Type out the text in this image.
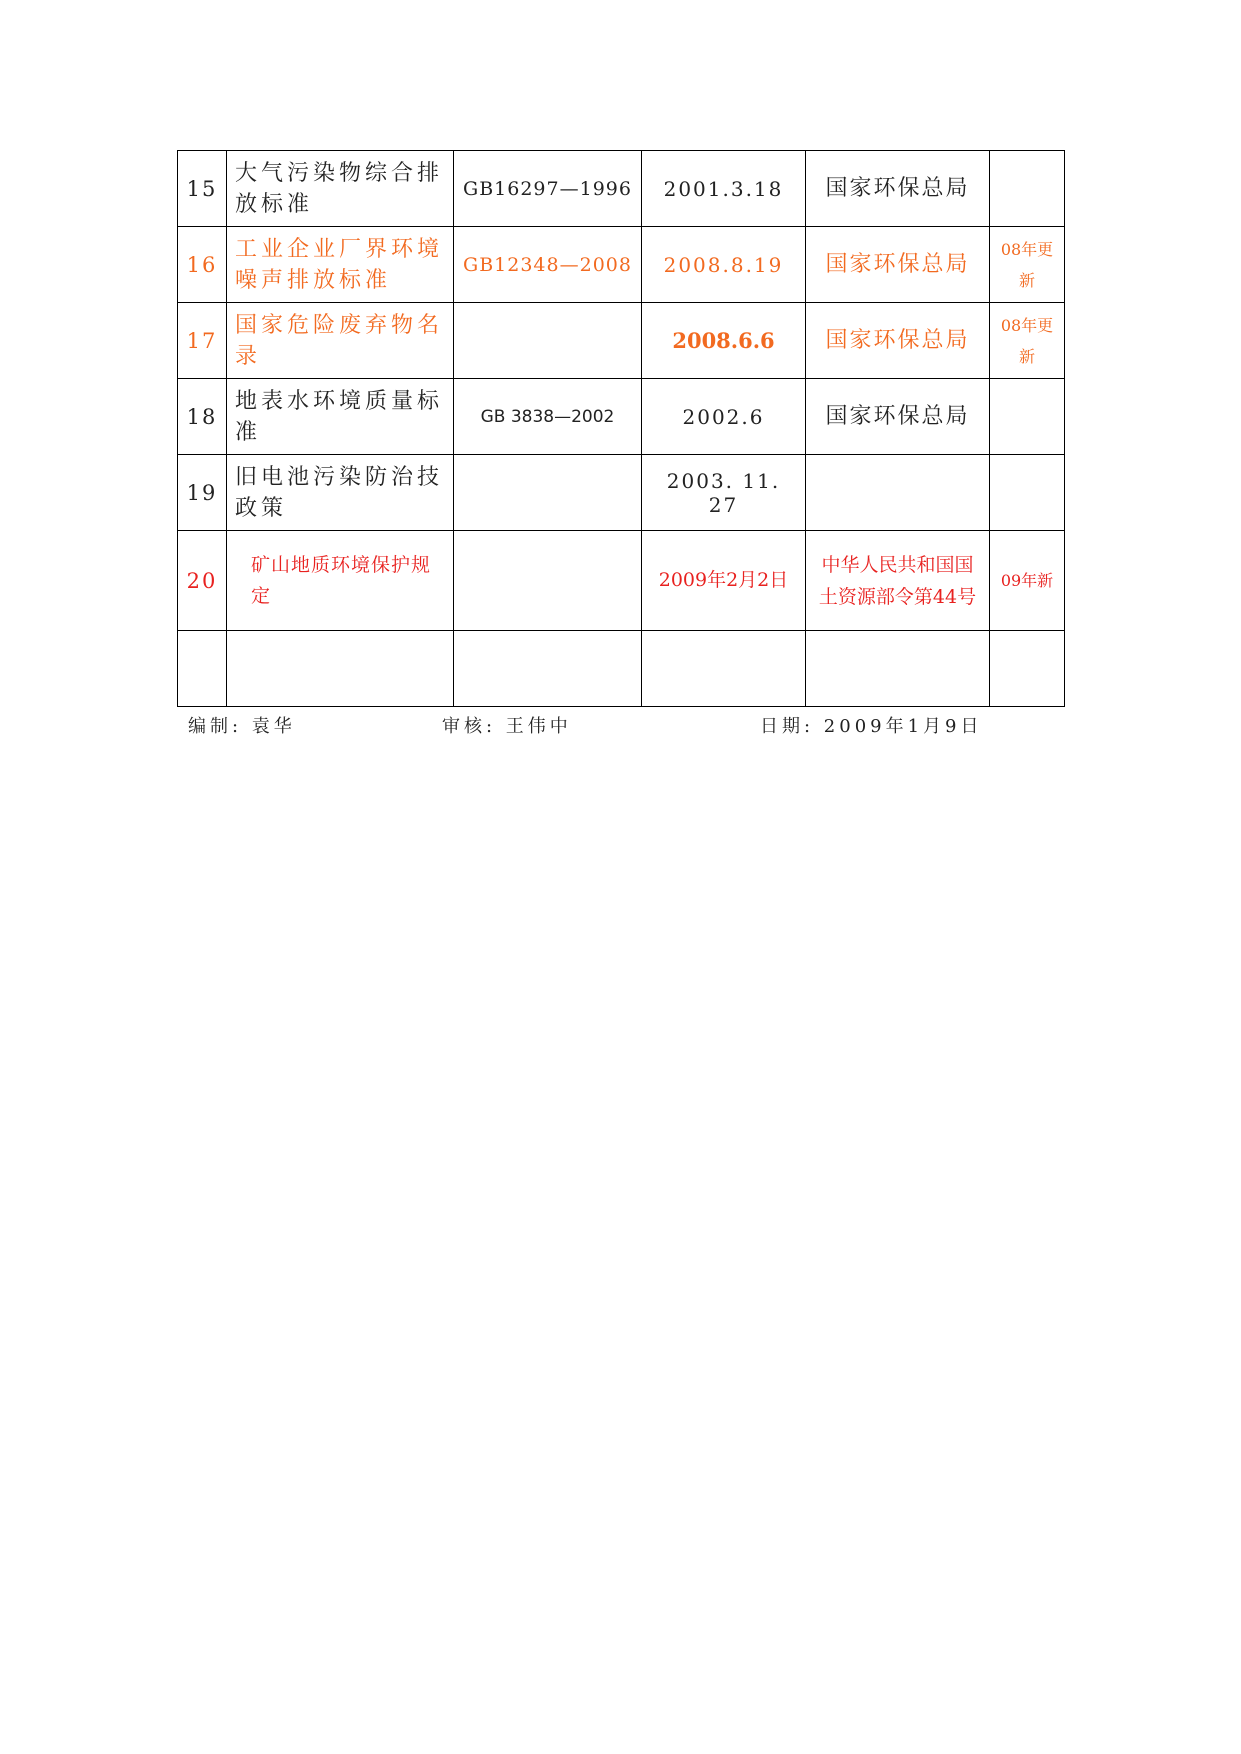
15	大气污染物综合排放标准	GB16297—1996	2001.3.18	国家环保总局	
16	工业企业厂界环境噪声排放标准	GB12348—2008	2008.8.19	国家环保总局	08年更新
17	国家危险废弃物名录		2008.6.6	国家环保总局	08年更新
18	地表水环境质量标准	GB 3838—2002	2002.6	国家环保总局	
19	旧电池污染防治技政策		2003. 11. 27		
20	矿山地质环境保护规定		2009年2月2日	中华人民共和国国土资源部令第44号	09年新

编制: 袁华	审核: 王伟中	日期: 2009年1月9日
